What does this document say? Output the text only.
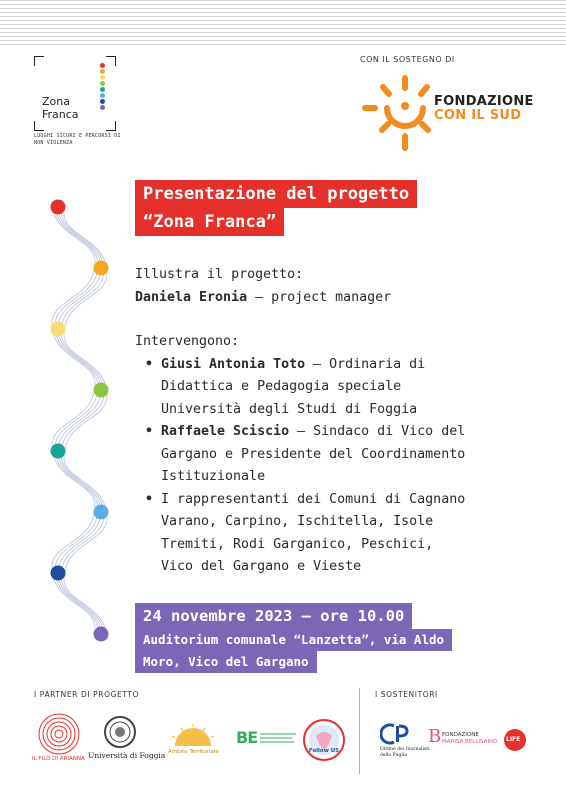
Zona
Franca
LUOGHI SICURI E PERCORSI DI NON VIOLENZA
CON IL SOSTEGNO DI
FONDAZIONE
CON IL SUD
Presentazione del progetto
“Zona Franca”
Illustra il progetto:
Daniela Eronia – project manager
Intervengono:
• Giusi Antonia Toto – Ordinaria di
Didattica e Pedagogia speciale
Università degli Studi di Foggia
• Raffaele Sciscio – Sindaco di Vico del
Gargano e Presidente del Coordinamento
Istituzionale
• I rappresentanti dei Comuni di Cagnano
Varano, Carpino, Ischitella, Isole
Tremiti, Rodi Garganico, Peschici,
Vico del Gargano e Vieste
24 novembre 2023 – ore 10.00
Auditorium comunale “Lanzetta”, via Aldo
Moro, Vico del Gargano
I PARTNER DI PROGETTO	I SOSTENITORI
IL FILO DI ARIANNA Università di Foggia Ambito Territoriale
BE
Follow US	Ordine dei Giornalisti della Puglia
B FONDAZIONE
MARISA BELLISARIO LIFE
